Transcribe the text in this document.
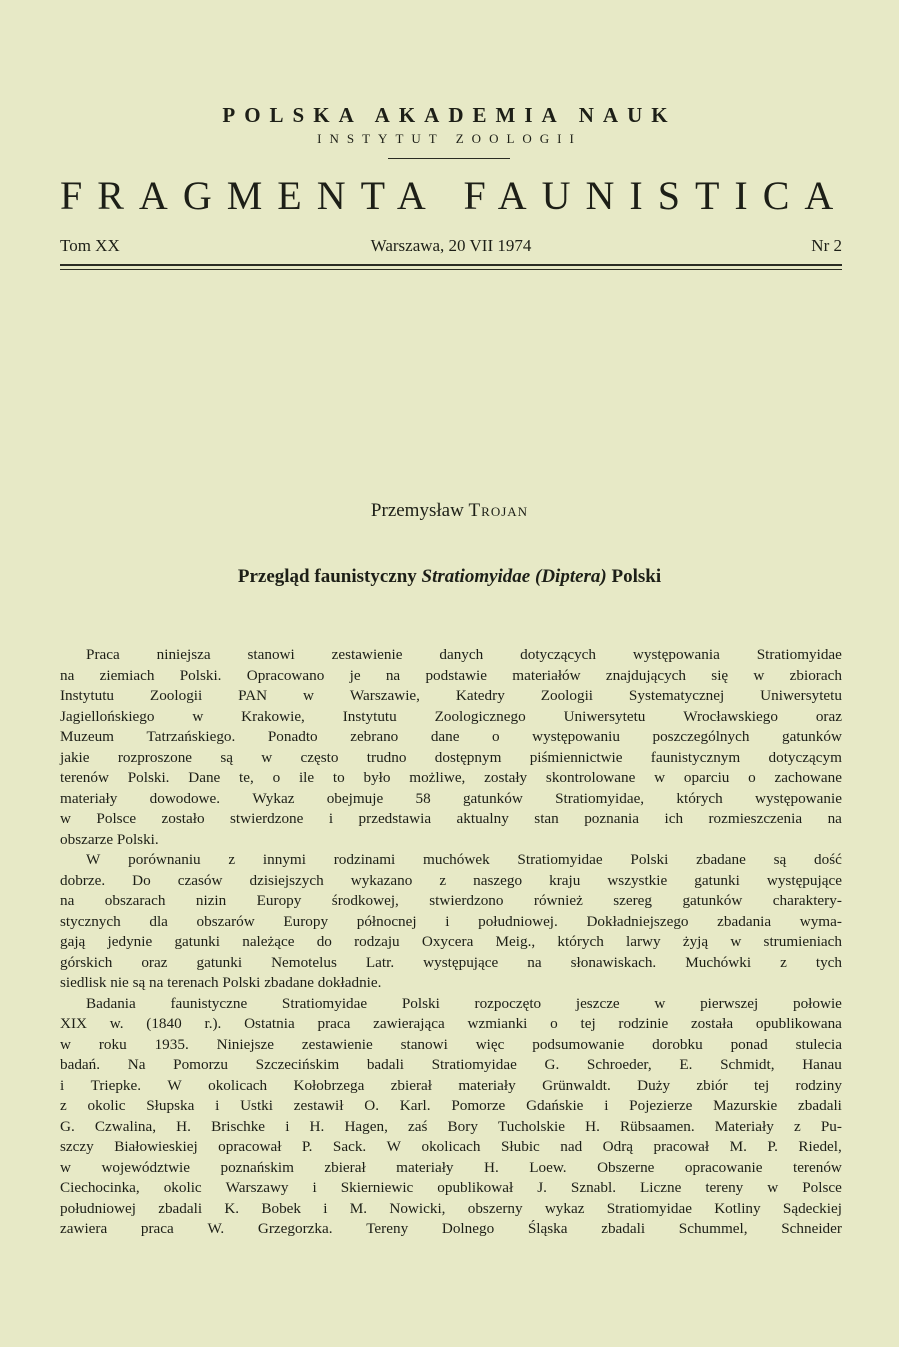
POLSKA AKADEMIA NAUK
INSTYTUT ZOOLOGII
FRAGMENTA FAUNISTICA
Tom XX	Warszawa, 20 VII 1974	Nr 2
Przemysław Trojan
Przegląd faunistyczny Stratiomyidae (Diptera) Polski
Praca niniejsza stanowi zestawienie danych dotyczących występowania Stratiomyidae
na ziemiach Polski. Opracowano je na podstawie materiałów znajdujących się w zbiorach
Instytutu Zoologii PAN w Warszawie, Katedry Zoologii Systematycznej Uniwersytetu
Jagiellońskiego w Krakowie, Instytutu Zoologicznego Uniwersytetu Wrocławskiego oraz
Muzeum Tatrzańskiego. Ponadto zebrano dane o występowaniu poszczególnych gatunków
jakie rozproszone są w często trudno dostępnym piśmiennictwie faunistycznym dotyczącym
terenów Polski. Dane te, o ile to było możliwe, zostały skontrolowane w oparciu o zachowane
materiały dowodowe. Wykaz obejmuje 58 gatunków Stratiomyidae, których występowanie
w Polsce zostało stwierdzone i przedstawia aktualny stan poznania ich rozmieszczenia na
obszarze Polski.
W porównaniu z innymi rodzinami muchówek Stratiomyidae Polski zbadane są dość
dobrze. Do czasów dzisiejszych wykazano z naszego kraju wszystkie gatunki występujące
na obszarach nizin Europy środkowej, stwierdzono również szereg gatunków charaktery-
stycznych dla obszarów Europy północnej i południowej. Dokładniejszego zbadania wyma-
gają jedynie gatunki należące do rodzaju Oxycera Meig., których larwy żyją w strumieniach
górskich oraz gatunki Nemotelus Latr. występujące na słonawiskach. Muchówki z tych
siedlisk nie są na terenach Polski zbadane dokładnie.
Badania faunistyczne Stratiomyidae Polski rozpoczęto jeszcze w pierwszej połowie
XIX w. (1840 r.). Ostatnia praca zawierająca wzmianki o tej rodzinie została opublikowana
w roku 1935. Niniejsze zestawienie stanowi więc podsumowanie dorobku ponad stulecia
badań. Na Pomorzu Szczecińskim badali Stratiomyidae G. Schroeder, E. Schmidt, Hanau
i Triepke. W okolicach Kołobrzega zbierał materiały Grünwaldt. Duży zbiór tej rodziny
z okolic Słupska i Ustki zestawił O. Karl. Pomorze Gdańskie i Pojezierze Mazurskie zbadali
G. Czwalina, H. Brischke i H. Hagen, zaś Bory Tucholskie H. Rübsaamen. Materiały z Pu-
szczy Białowieskiej opracował P. Sack. W okolicach Słubic nad Odrą pracował M. P. Riedel,
w województwie poznańskim zbierał materiały H. Loew. Obszerne opracowanie terenów
Ciechocinka, okolic Warszawy i Skierniewic opublikował J. Sznabl. Liczne tereny w Polsce
południowej zbadali K. Bobek i M. Nowicki, obszerny wykaz Stratiomyidae Kotliny Sądeckiej
zawiera praca W. Grzegorzka. Tereny Dolnego Śląska zbadali Schummel, Schneider
